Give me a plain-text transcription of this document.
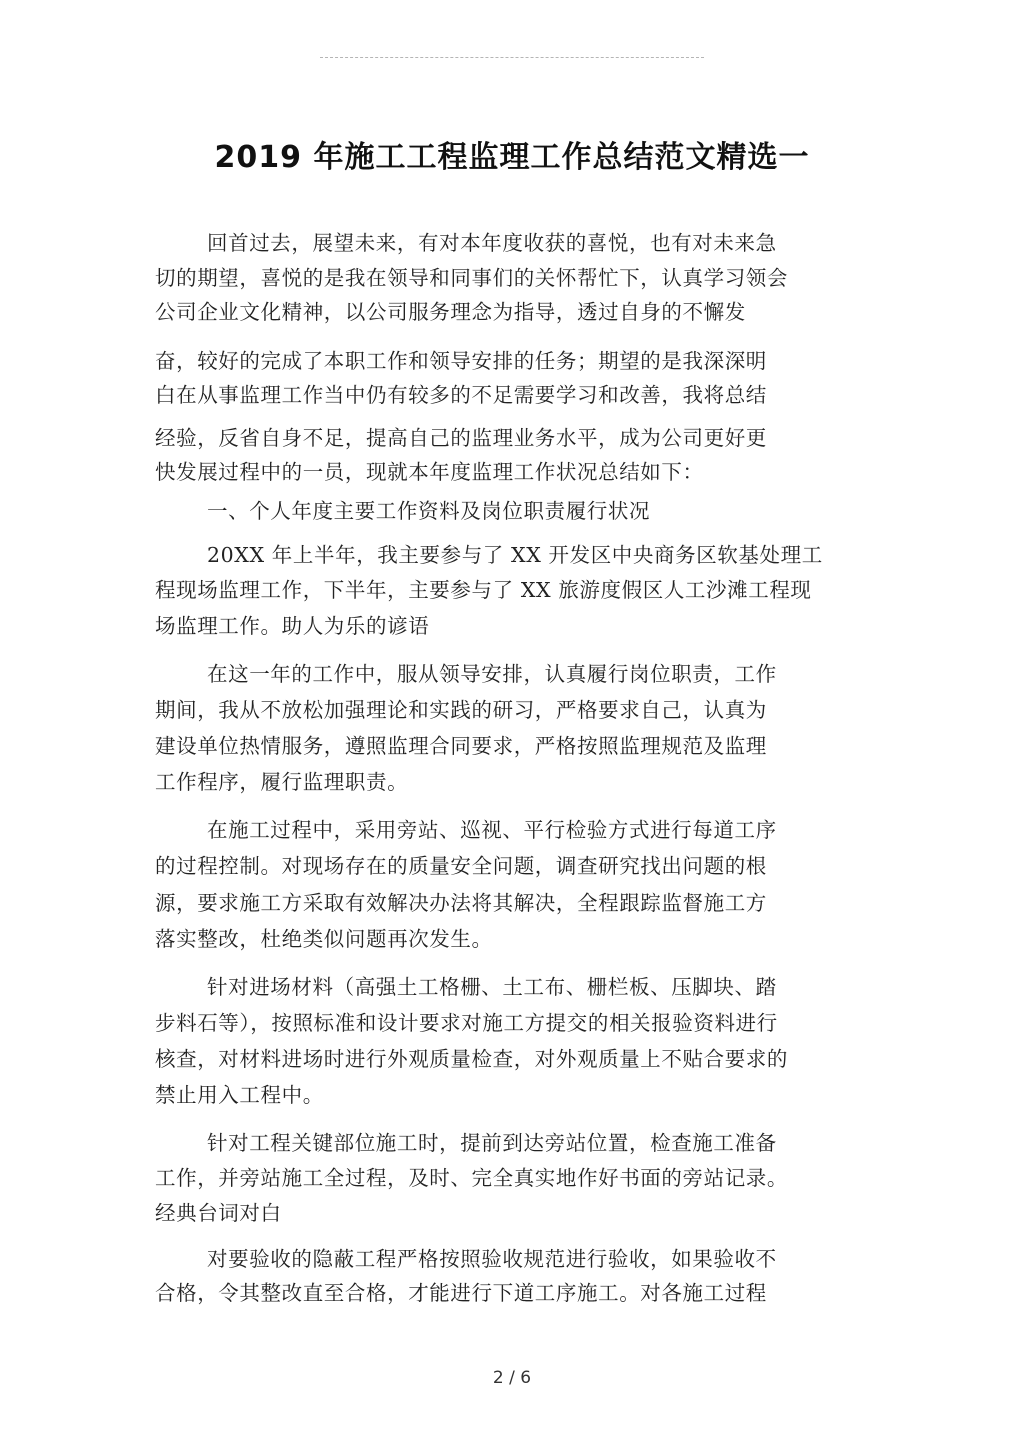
2019 年施工工程监理工作总结范文精选一
回首过去，展望未来，有对本年度收获的喜悦，也有对未来急
切的期望，喜悦的是我在领导和同事们的关怀帮忙下，认真学习领会
公司企业文化精神，以公司服务理念为指导，透过自身的不懈发
奋，较好的完成了本职工作和领导安排的任务；期望的是我深深明
白在从事监理工作当中仍有较多的不足需要学习和改善，我将总结
经验，反省自身不足，提高自己的监理业务水平，成为公司更好更
快发展过程中的一员，现就本年度监理工作状况总结如下：
一、个人年度主要工作资料及岗位职责履行状况
20XX 年上半年，我主要参与了 XX 开发区中央商务区软基处理工
程现场监理工作，下半年，主要参与了 XX 旅游度假区人工沙滩工程现
场监理工作。助人为乐的谚语
在这一年的工作中，服从领导安排，认真履行岗位职责，工作
期间，我从不放松加强理论和实践的研习，严格要求自己，认真为
建设单位热情服务，遵照监理合同要求，严格按照监理规范及监理
工作程序，履行监理职责。
在施工过程中，采用旁站、巡视、平行检验方式进行每道工序
的过程控制。对现场存在的质量安全问题，调查研究找出问题的根
源，要求施工方采取有效解决办法将其解决，全程跟踪监督施工方
落实整改，杜绝类似问题再次发生。
针对进场材料（高强土工格栅、土工布、栅栏板、压脚块、踏
步料石等），按照标准和设计要求对施工方提交的相关报验资料进行
核查，对材料进场时进行外观质量检查，对外观质量上不贴合要求的
禁止用入工程中。
针对工程关键部位施工时，提前到达旁站位置，检查施工准备
工作，并旁站施工全过程，及时、完全真实地作好书面的旁站记录。
经典台词对白
对要验收的隐蔽工程严格按照验收规范进行验收，如果验收不
合格，令其整改直至合格，才能进行下道工序施工。对各施工过程
2 / 6
